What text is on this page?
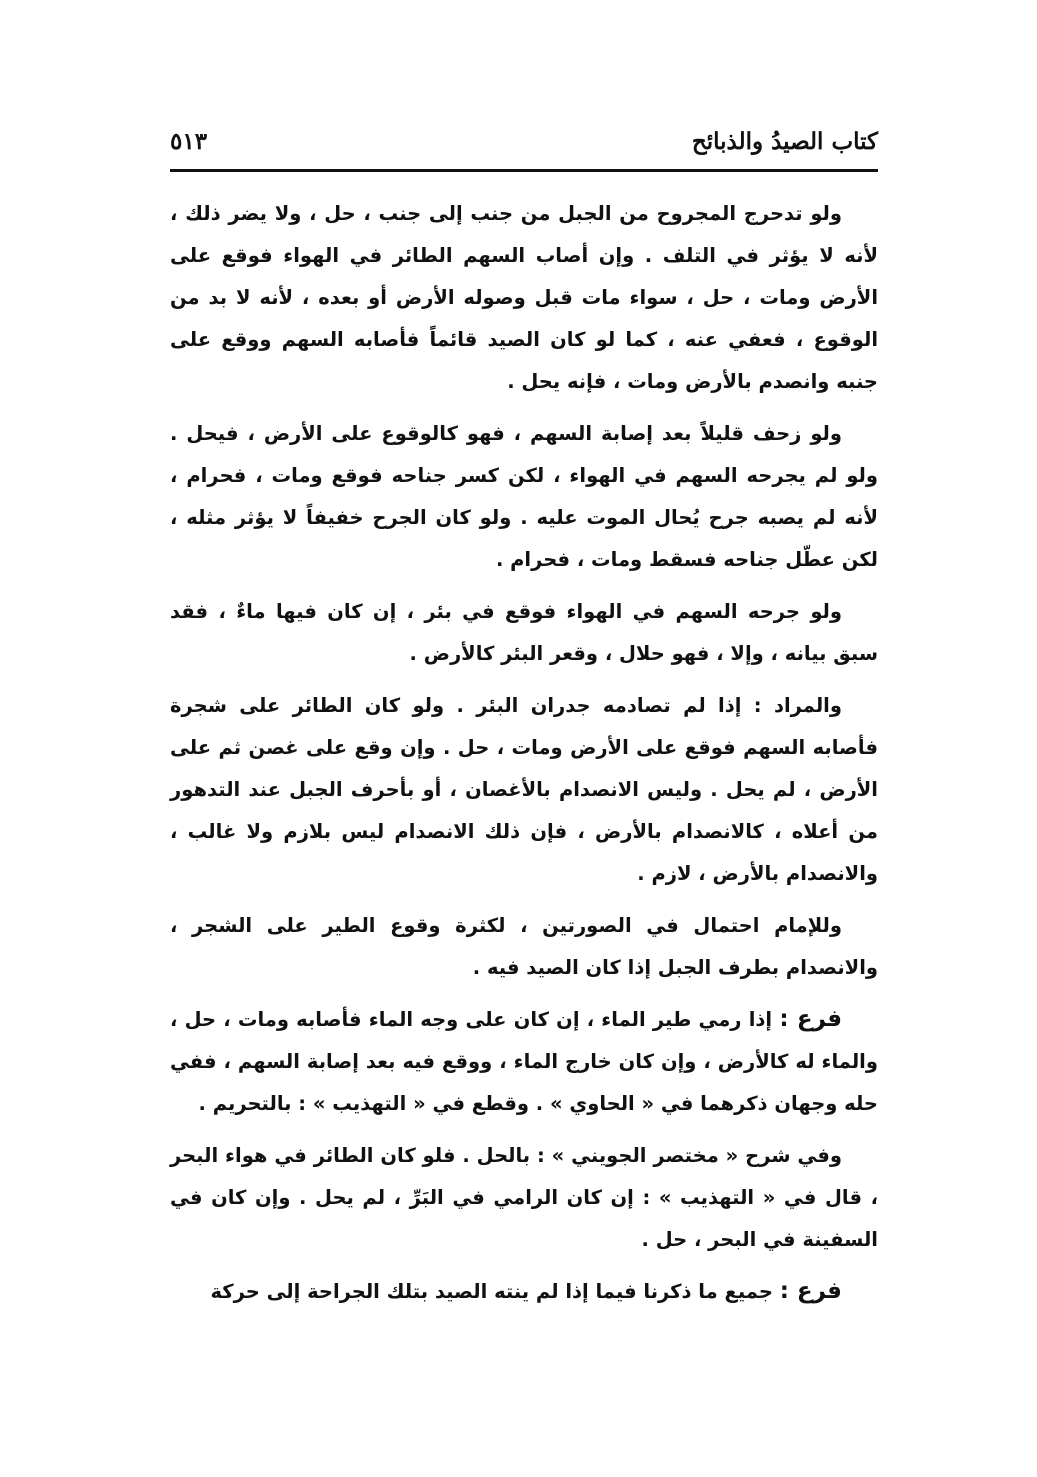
كتاب الصيدُ والذبائح
٥١٣

ولو تدحرج المجروح من الجبل من جنب إلى جنب ، حل ، ولا يضر ذلك ، لأنه لا يؤثر في التلف . وإن أصاب السهم الطائر في الهواء فوقع على الأرض ومات ، حل ، سواء مات قبل وصوله الأرض أو بعده ، لأنه لا بد من الوقوع ، فعفي عنه ، كما لو كان الصيد قائماً فأصابه السهم ووقع على جنبه وانصدم بالأرض ومات ، فإنه يحل .

ولو زحف قليلاً بعد إصابة السهم ، فهو كالوقوع على الأرض ، فيحل . ولو لم يجرحه السهم في الهواء ، لكن كسر جناحه فوقع ومات ، فحرام ، لأنه لم يصبه جرح يُحال الموت عليه . ولو كان الجرح خفيفاً لا يؤثر مثله ، لكن عطّل جناحه فسقط ومات ، فحرام .

ولو جرحه السهم في الهواء فوقع في بئر ، إن كان فيها ماءٌ ، فقد سبق بيانه ، وإلا ، فهو حلال ، وقعر البئر كالأرض .

والمراد : إذا لم تصادمه جدران البئر . ولو كان الطائر على شجرة فأصابه السهم فوقع على الأرض ومات ، حل . وإن وقع على غصن ثم على الأرض ، لم يحل . وليس الانصدام بالأغصان ، أو بأحرف الجبل عند التدهور من أعلاه ، كالانصدام بالأرض ، فإن ذلك الانصدام ليس بلازم ولا غالب ، والانصدام بالأرض ، لازم .

وللإمام احتمال في الصورتين ، لكثرة وقوع الطير على الشجر ، والانصدام بطرف الجبل إذا كان الصيد فيه .

فرع : إذا رمي طير الماء ، إن كان على وجه الماء فأصابه ومات ، حل ، والماء له كالأرض ، وإن كان خارج الماء ، ووقع فيه بعد إصابة السهم ، ففي حله وجهان ذكرهما في « الحاوي » . وقطع في « التهذيب » : بالتحريم .

وفي شرح « مختصر الجويني » : بالحل . فلو كان الطائر في هواء البحر ، قال في « التهذيب » : إن كان الرامي في البَرِّ ، لم يحل . وإن كان في السفينة في البحر ، حل .

فرع : جميع ما ذكرنا فيما إذا لم ينته الصيد بتلك الجراحة إلى حركة
